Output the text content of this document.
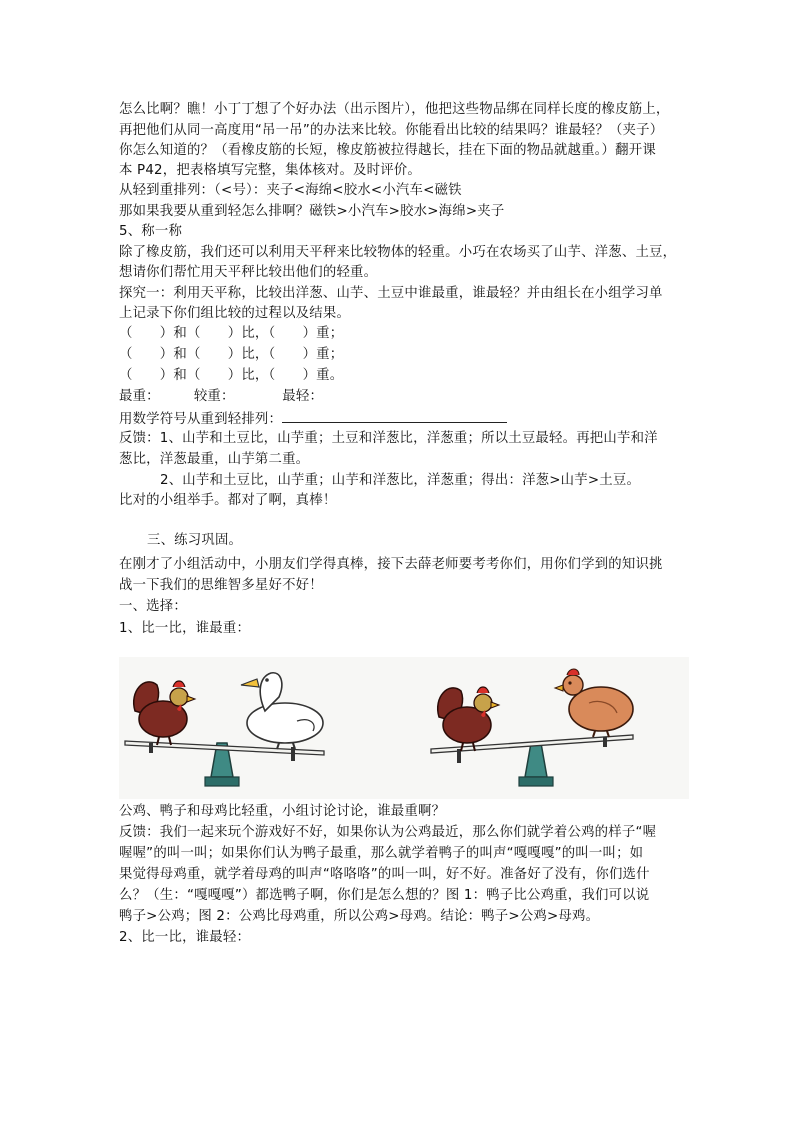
怎么比啊？瞧！小丁丁想了个好办法（出示图片），他把这些物品绑在同样长度的橡皮筋上，
再把他们从同一高度用“吊一吊”的办法来比较。你能看出比较的结果吗？谁最轻？（夹子）
你怎么知道的？（看橡皮筋的长短，橡皮筋被拉得越长，挂在下面的物品就越重。）翻开课
本 P42，把表格填写完整，集体核对。及时评价。
从轻到重排列：（<号）：夹子<海绵<胶水<小汽车<磁铁
那如果我要从重到轻怎么排啊？磁铁>小汽车>胶水>海绵>夹子
5、称一称
除了橡皮筋，我们还可以利用天平秤来比较物体的轻重。小巧在农场买了山芋、洋葱、土豆，
想请你们帮忙用天平秤比较出他们的轻重。
探究一：利用天平称，比较出洋葱、山芋、土豆中谁最重，谁最轻？并由组长在小组学习单
上记录下你们组比较的过程以及结果。
（　　）和（　　）比，（　　）重；
（　　）和（　　）比，（　　）重；
（　　）和（　　）比，（　　）重。
最重：　　　较重：　　　　最轻：
用数学符号从重到轻排列：
反馈：1、山芋和土豆比，山芋重；土豆和洋葱比，洋葱重；所以土豆最轻。再把山芋和洋
葱比，洋葱最重，山芋第二重。
2、山芋和土豆比，山芋重；山芋和洋葱比，洋葱重；得出：洋葱>山芋>土豆。
比对的小组举手。都对了啊，真棒！
三、练习巩固。
在刚才了小组活动中，小朋友们学得真棒，接下去薛老师要考考你们，用你们学到的知识挑
战一下我们的思维智多星好不好！
一、选择：
1、比一比，谁最重：
公鸡、鸭子和母鸡比轻重，小组讨论讨论，谁最重啊？
反馈：我们一起来玩个游戏好不好，如果你认为公鸡最近，那么你们就学着公鸡的样子“喔
喔喔”的叫一叫；如果你们认为鸭子最重，那么就学着鸭子的叫声“嘎嘎嘎”的叫一叫；如
果觉得母鸡重，就学着母鸡的叫声“咯咯咯”的叫一叫，好不好。准备好了没有，你们选什
么？（生：“嘎嘎嘎”）都选鸭子啊，你们是怎么想的？图 1：鸭子比公鸡重，我们可以说
鸭子>公鸡；图 2：公鸡比母鸡重，所以公鸡>母鸡。结论：鸭子>公鸡>母鸡。
2、比一比，谁最轻：
